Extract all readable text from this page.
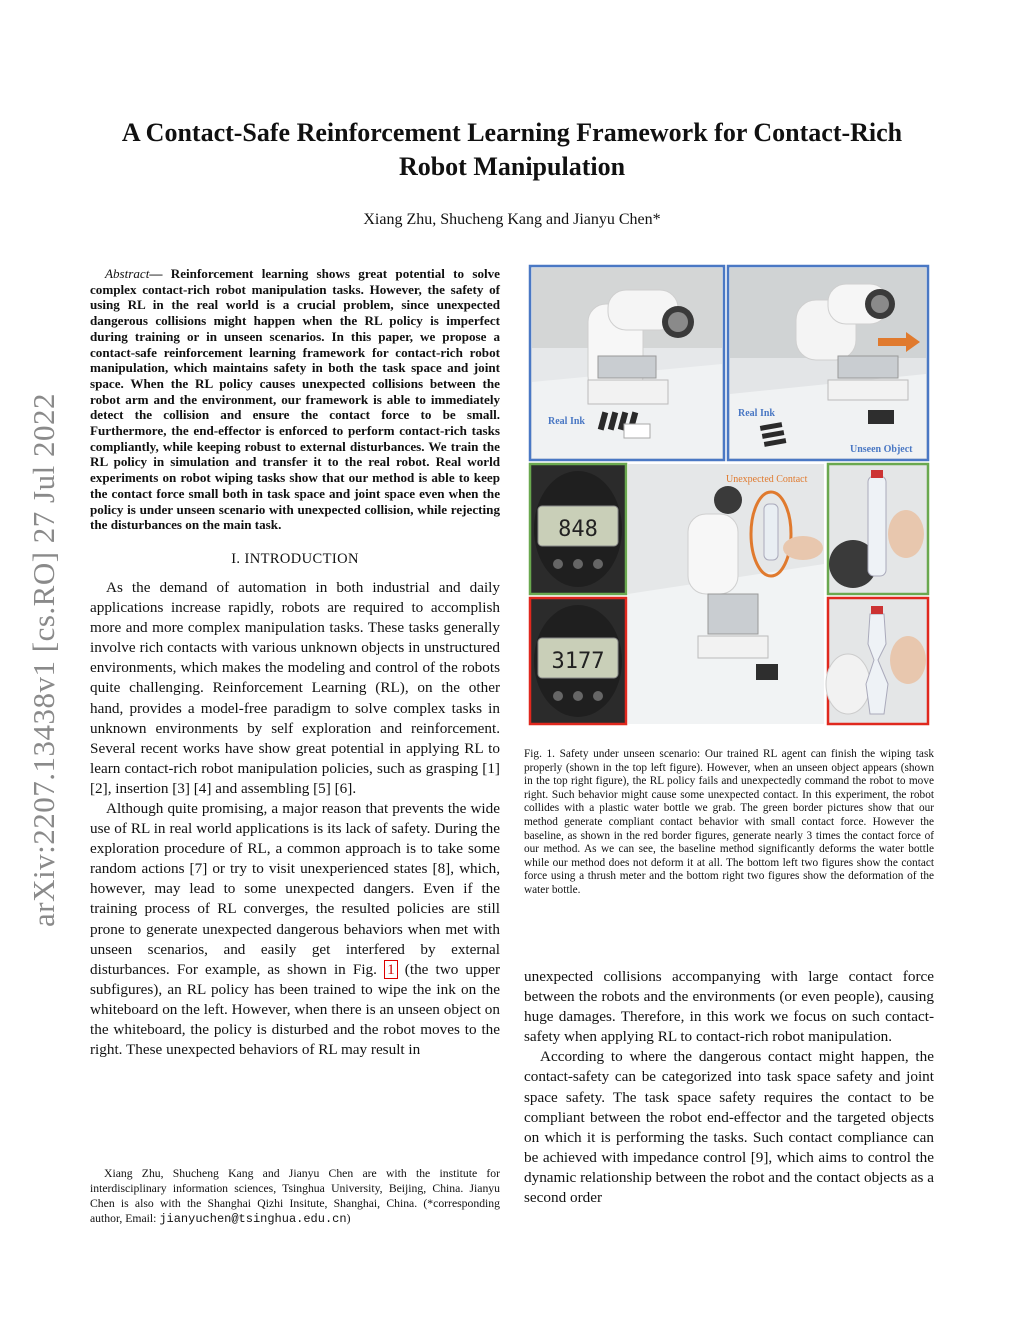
arXiv:2207.13438v1 [cs.RO] 27 Jul 2022
A Contact-Safe Reinforcement Learning Framework for Contact-Rich
Robot Manipulation
Xiang Zhu, Shucheng Kang and Jianyu Chen*

Abstract— Reinforcement learning shows great potential to solve complex contact-rich robot manipulation tasks. However, the safety of using RL in the real world is a crucial problem, since unexpected dangerous collisions might happen when the RL policy is imperfect during training or in unseen scenarios. In this paper, we propose a contact-safe reinforcement learning framework for contact-rich robot manipulation, which maintains safety in both the task space and joint space. When the RL policy causes unexpected collisions between the robot arm and the environment, our framework is able to immediately detect the collision and ensure the contact force to be small. Furthermore, the end-effector is enforced to perform contact-rich tasks compliantly, while keeping robust to external disturbances. We train the RL policy in simulation and transfer it to the real robot. Real world experiments on robot wiping tasks show that our method is able to keep the contact force small both in task space and joint space even when the policy is under unseen scenario with unexpected collision, while rejecting the disturbances on the main task.

I. INTRODUCTION

As the demand of automation in both industrial and daily applications increase rapidly, robots are required to accomplish more and more complex manipulation tasks. These tasks generally involve rich contacts with various unknown objects in unstructured environments, which makes the modeling and control of the robots quite challenging. Reinforcement Learning (RL), on the other hand, provides a model-free paradigm to solve complex tasks in unknown environments by self exploration and reinforcement. Several recent works have show great potential in applying RL to learn contact-rich robot manipulation policies, such as grasping [1] [2], insertion [3] [4] and assembling [5] [6].

Although quite promising, a major reason that prevents the wide use of RL in real world applications is its lack of safety. During the exploration procedure of RL, a common approach is to take some random actions [7] or try to visit unexperienced states [8], which, however, may lead to some unexpected dangers. Even if the training process of RL converges, the resulted policies are still prone to generate unexpected dangerous behaviors when met with unseen scenarios, and easily get interfered by external disturbances. For example, as shown in Fig. 1 (the two upper subfigures), an RL policy has been trained to wipe the ink on the whiteboard on the left. However, when there is an unseen object on the whiteboard, the policy is disturbed and the robot moves to the right. These unexpected behaviors of RL may result in

Xiang Zhu, Shucheng Kang and Jianyu Chen are with the institute for interdisciplinary information sciences, Tsinghua University, Beijing, China. Jianyu Chen is also with the Shanghai Qizhi Insitute, Shanghai, China. (*corresponding author, Email: jianyuchen@tsinghua.edu.cn)
Real Ink
Real Ink
Unseen Object
848
3177
Unexpected Contact

Fig. 1. Safety under unseen scenario: Our trained RL agent can finish the wiping task properly (shown in the top left figure). However, when an unseen object appears (shown in the top right figure), the RL policy fails and unexpectedly command the robot to move right. Such behavior might cause some unexpected contact. In this experiment, the robot collides with a plastic water bottle we grab. The green border pictures show that our method generate compliant contact behavior with small contact force. However the baseline, as shown in the red border figures, generate nearly 3 times the contact force of our method. As we can see, the baseline method significantly deforms the water bottle while our method does not deform it at all. The bottom left two figures show the contact force using a thrush meter and the bottom right two figures show the deformation of the water bottle.

unexpected collisions accompanying with large contact force between the robots and the environments (or even people), causing huge damages. Therefore, in this work we focus on such contact-safety when applying RL to contact-rich robot manipulation.

According to where the dangerous contact might happen, the contact-safety can be categorized into task space safety and joint space safety. The task space safety requires the contact to be compliant between the robot end-effector and the targeted objects on which it is performing the tasks. Such contact compliance can be achieved with impedance control [9], which aims to control the dynamic relationship between the robot and the contact objects as a second order
